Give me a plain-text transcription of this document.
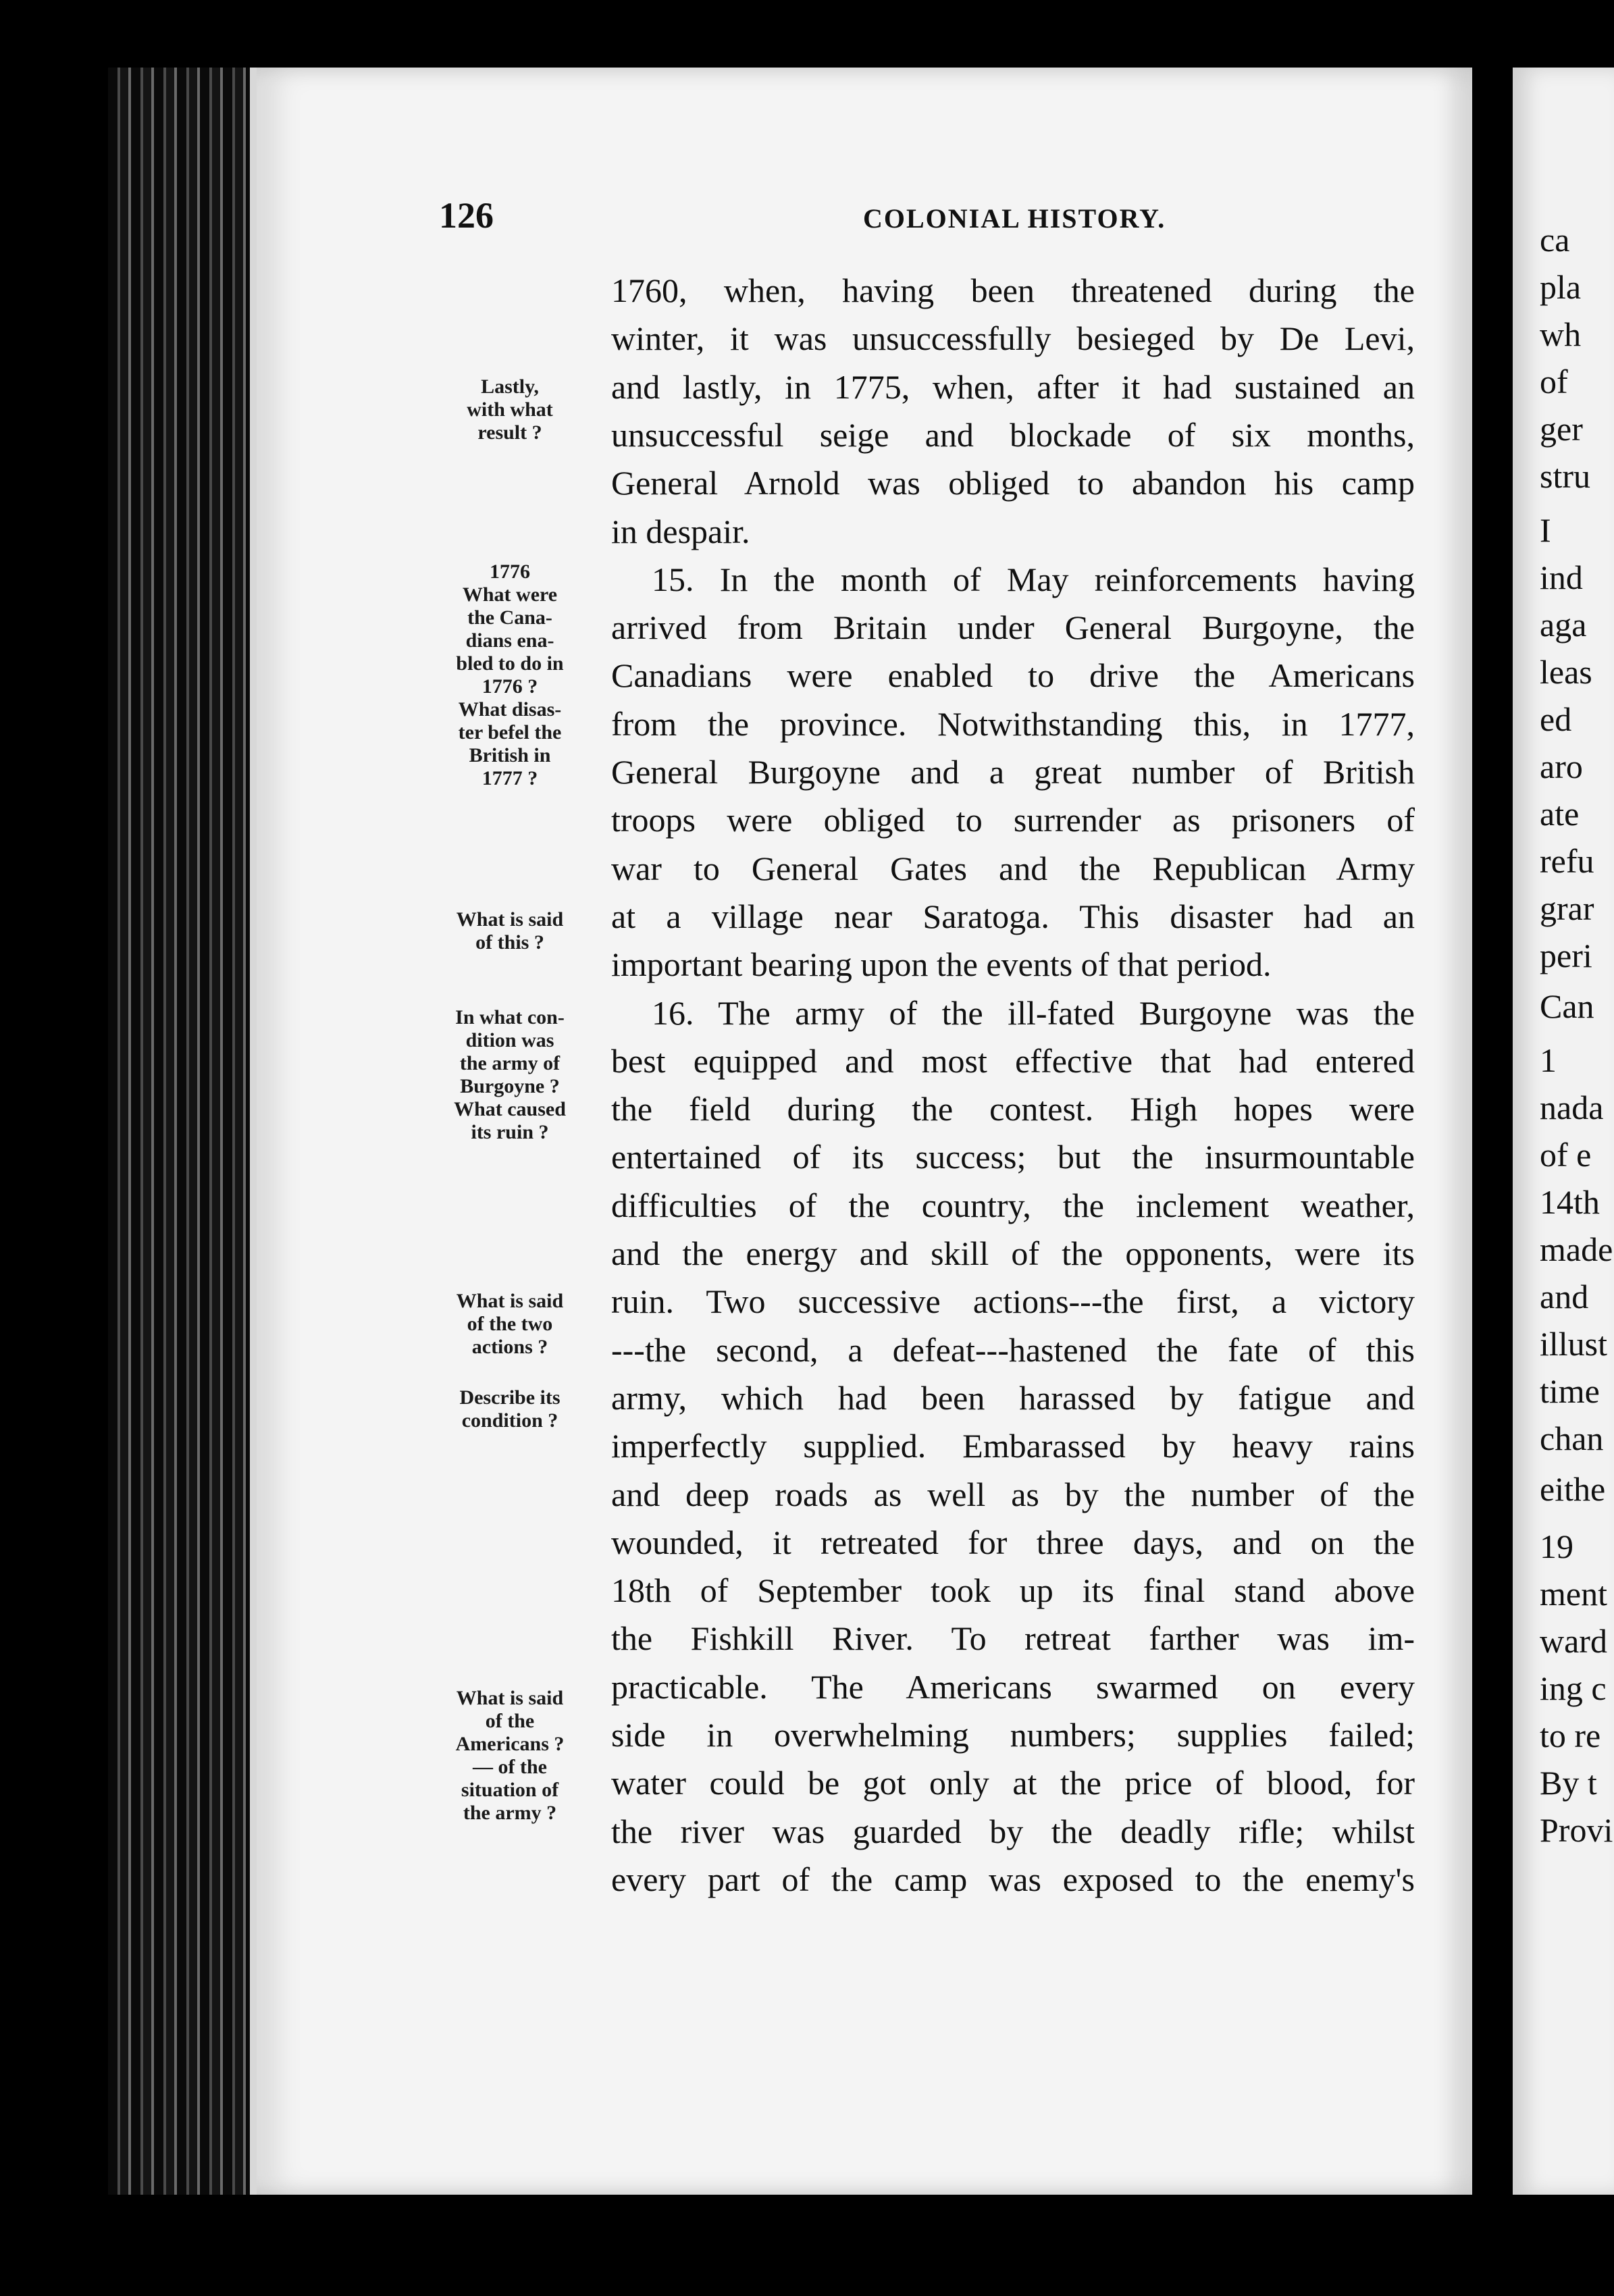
ca
pla
wh
of
ger
stru
I
ind
aga
leas
ed
aro
ate
refu
grar
peri
Can
1
nada
of e
14th
made
and
illust
time
chan
eithe
19
ment
ward
ing c
to re
By t
Provi
126	COLONIAL HISTORY.
Lastly,
with what
result ?
1776
What were
the Cana-
dians ena-
bled to do in
1776 ?
What disas-
ter befel the
British in
1777 ?
What is said
of this ?
In what con-
dition was
the army of
Burgoyne ?
What caused
its ruin ?
What is said
of the two
actions ?
Describe its
condition ?
What is said
of the
Americans ?
— of the
situation of
the army ?
1760, when, having been threatened during the
winter, it was unsuccessfully besieged by De Levi,
and lastly, in 1775, when, after it had sustained an
unsuccessful seige and blockade of six months,
General Arnold was obliged to abandon his camp
in despair.
15. In the month of May reinforcements having
arrived from Britain under General Burgoyne, the
Canadians were enabled to drive the Americans
from the province. Notwithstanding this, in 1777,
General Burgoyne and a great number of British
troops were obliged to surrender as prisoners of
war to General Gates and the Republican Army
at a village near Saratoga. This disaster had an
important bearing upon the events of that period.
16. The army of the ill-fated Burgoyne was the
best equipped and most effective that had entered
the field during the contest. High hopes were
entertained of its success; but the insurmountable
difficulties of the country, the inclement weather,
and the energy and skill of the opponents, were its
ruin. Two successive actions---the first, a victory
---the second, a defeat---hastened the fate of this
army, which had been harassed by fatigue and
imperfectly supplied. Embarassed by heavy rains
and deep roads as well as by the number of the
wounded, it retreated for three days, and on the
18th of September took up its final stand above
the Fishkill River. To retreat farther was im-
practicable. The Americans swarmed on every
side in overwhelming numbers; supplies failed;
water could be got only at the price of blood, for
the river was guarded by the deadly rifle; whilst
every part of the camp was exposed to the enemy's
